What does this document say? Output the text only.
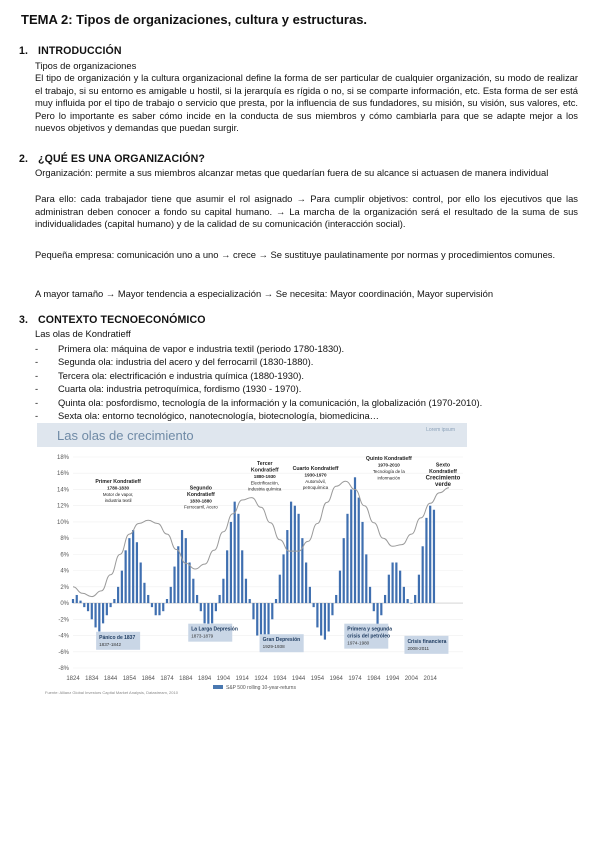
TEMA 2: Tipos de organizaciones, cultura y estructuras.
1. INTRODUCCIÓN
Tipos de organizaciones

El tipo de organización y la cultura organizacional define la forma de ser particular de cualquier organización, su modo de realizar el trabajo, si su entorno es amigable u hostil, si la jerarquía es rígida o no, si se comparte información, etc. Esta forma de ser está muy influida por el tipo de trabajo o servicio que presta, por la influencia de sus fundadores, su misión, su visión, sus valores, etc. Pero lo importante es saber cómo incide en la conducta de sus miembros y cómo cambiarla para que se adapte mejor a los nuevos objetivos y demandas que puedan surgir.

2. ¿QUÉ ES UNA ORGANIZACIÓN?

Organización: permite a sus miembros alcanzar metas que quedarían fuera de su alcance si actuasen de manera individual

Para ello: cada trabajador tiene que asumir el rol asignado → Para cumplir objetivos: control, por ello los ejecutivos que las administran deben conocer a fondo su capital humano. → La marcha de la organización será el resultado de la suma de sus individualidades (capital humano) y de la calidad de su comunicación (interacción social).

Pequeña empresa: comunicación uno a uno → crece → Se sustituye paulatinamente por normas y procedimientos comunes.

A mayor tamaño → Mayor tendencia a especialización → Se necesita: Mayor coordinación, Mayor supervisión

3. CONTEXTO TECNOECONÓMICO
Las olas de Kondratieff
- Primera ola: máquina de vapor e industria textil (periodo 1780-1830).
- Segunda ola: industria del acero y del ferrocarril (1830-1880).
- Tercera ola: electrificación e industria química (1880-1930).
- Cuarta ola: industria petroquímica, fordismo (1930 - 1970).
- Quinta ola: posfordismo, tecnología de la información y la comunicación, la globalización (1970-2010).
- Sexta ola: entorno tecnológico, nanotecnología, biotecnología, biomedicina…
Las olas de crecimiento	Lorem ipsum
18%
16%
14%
12%
10%
8%
6%
4%
2%
0%
-2%
-4%
-6%
-8%
1824 1834 1844 1854 1864 1874 1884 1894 1904 1914 1924 1934 1944 1954 1964 1974 1984 1994 2004 2014
Primer Kondratieff
1780-1830
Motor de vapor,
industria textil
Segundo
Kondratieff
1830-1880
Ferrocarril, Acero
Tercer
Kondratieff
1880-1930
Electrificación,
industria química
Cuarto Kondratieff
1930-1970
Automóvil,
petroquímica
Quinto Kondratieff
1970-2010
Tecnología de la
información
Sexto
Kondratieff
Crecimiento
verde
Pánico de 1837
1837-1842
La Larga Depresión
1873-1879
Gran Depresión
1929-1938
Primera y segunda
crisis del petróleo
1974-1980	Crisis financiera
2008-2011
S&P 500 rolling 10-year-returns
Fuente: Allianz Global Investors Capital Market Analysis, Datastream, 2010
